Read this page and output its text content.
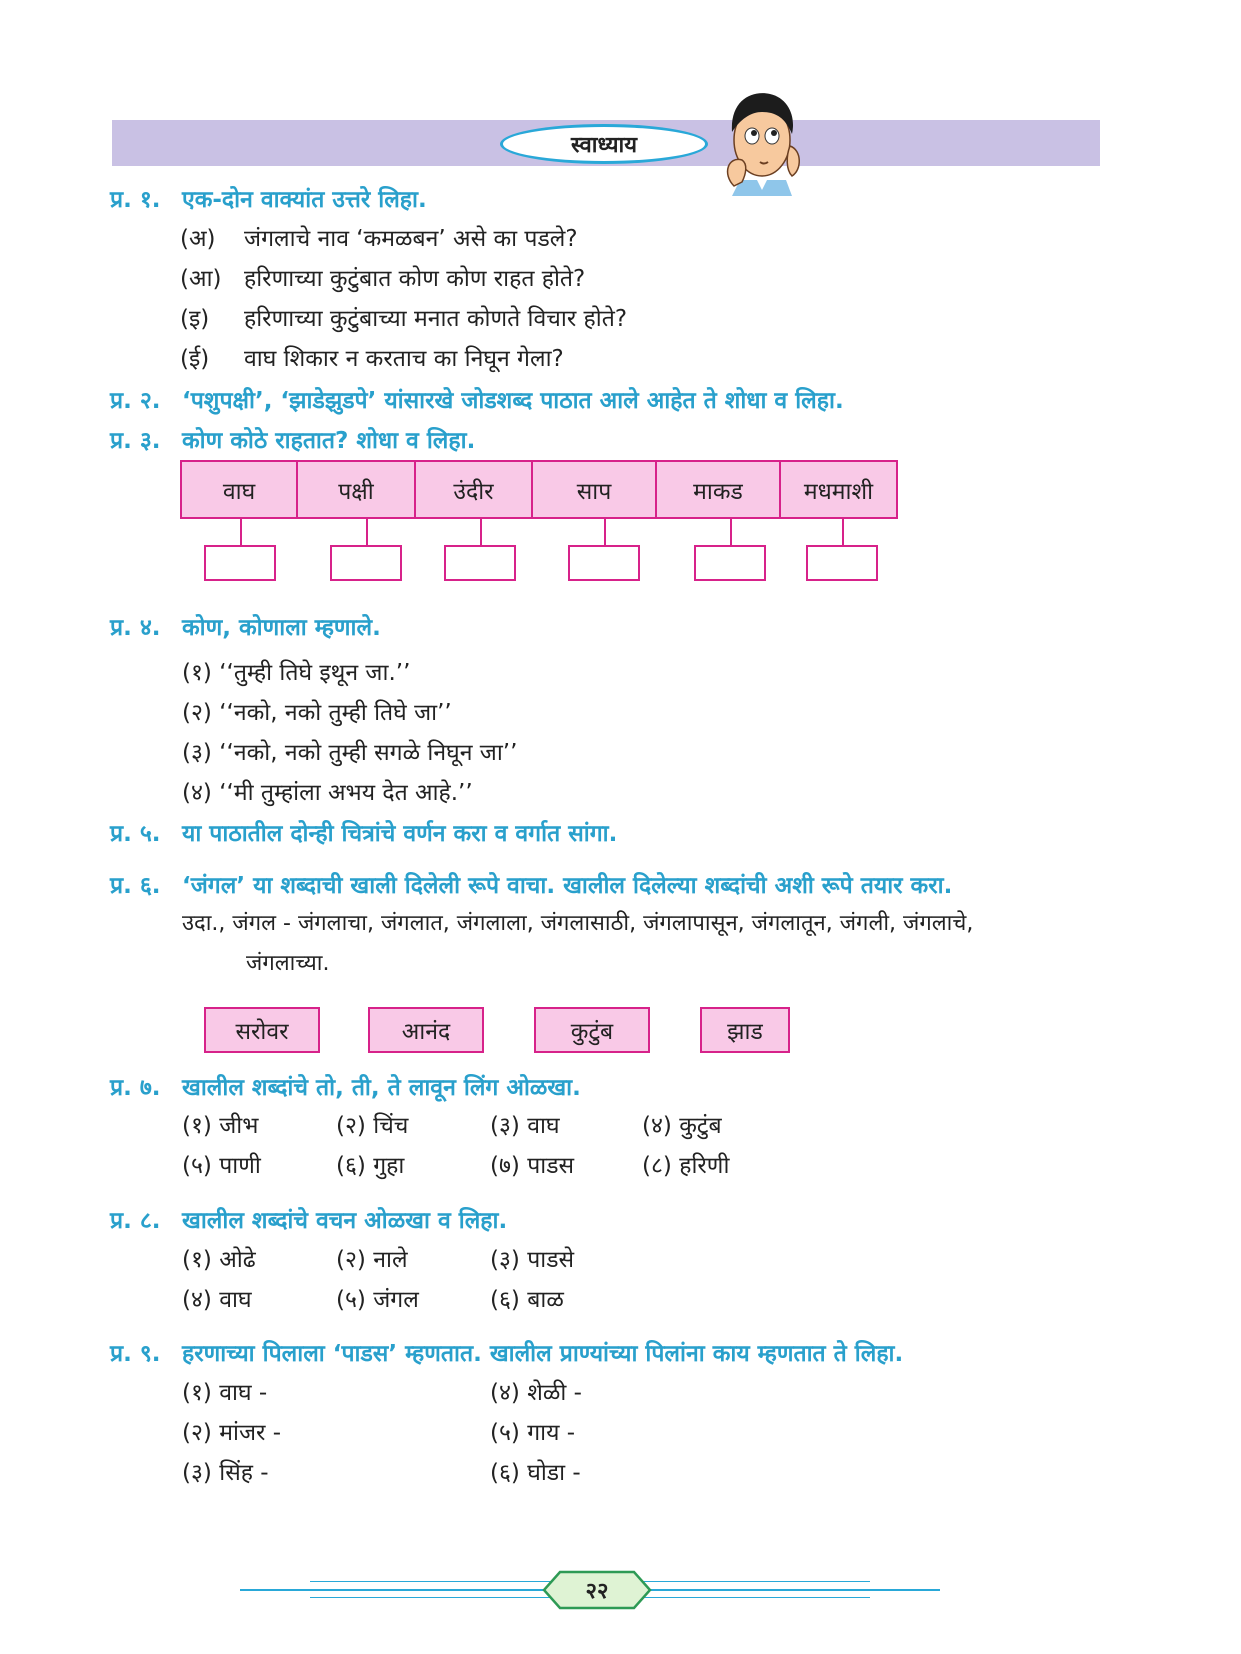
स्वाध्याय
प्र. १. एक-दोन वाक्यांत उत्तरे लिहा.
(अ) जंगलाचे नाव ‘कमळबन’ असे का पडले?
(आ) हरिणाच्या कुटुंबात कोण कोण राहत होते?
(इ) हरिणाच्या कुटुंबाच्या मनात कोणते विचार होते?
(ई) वाघ शिकार न करताच का निघून गेला?
प्र. २. ‘पशुपक्षी’, ‘झाडेझुडपे’ यांसारखे जोडशब्द पाठात आले आहेत ते शोधा व लिहा.
प्र. ३. कोण कोठे राहतात? शोधा व लिहा.
वाघ	पक्षी	उंदीर	साप	माकड	मधमाशी
प्र. ४. कोण, कोणाला म्हणाले.
(१) ‘‘तुम्ही तिघे इथून जा.’’
(२) ‘‘नको, नको तुम्ही तिघे जा’’
(३) ‘‘नको, नको तुम्ही सगळे निघून जा’’
(४) ‘‘मी तुम्हांला अभय देत आहे.’’
प्र. ५. या पाठातील दोन्ही चित्रांचे वर्णन करा व वर्गात सांगा.
प्र. ६. ‘जंगल’ या शब्दाची खाली दिलेली रूपे वाचा. खालील दिलेल्या शब्दांची अशी रूपे तयार करा.
उदा., जंगल - जंगलाचा, जंगलात, जंगलाला, जंगलासाठी, जंगलापासून, जंगलातून, जंगली, जंगलाचे,
जंगलाच्या.
सरोवर	आनंद	कुटुंब	झाड
प्र. ७. खालील शब्दांचे तो, ती, ते लावून लिंग ओळखा.
(१) जीभ	(२) चिंच	(३) वाघ	(४) कुटुंब
(५) पाणी	(६) गुहा	(७) पाडस	(८) हरिणी
प्र. ८. खालील शब्दांचे वचन ओळखा व लिहा.
(१) ओढे	(२) नाले	(३) पाडसे
(४) वाघ	(५) जंगल	(६) बाळ
प्र. ९. हरणाच्या पिलाला ‘पाडस’ म्हणतात. खालील प्राण्यांच्या पिलांना काय म्हणतात ते लिहा.
(१) वाघ -	(४) शेळी -
(२) मांजर -	(५) गाय -
(३) सिंह -	(६) घोडा -
२२
